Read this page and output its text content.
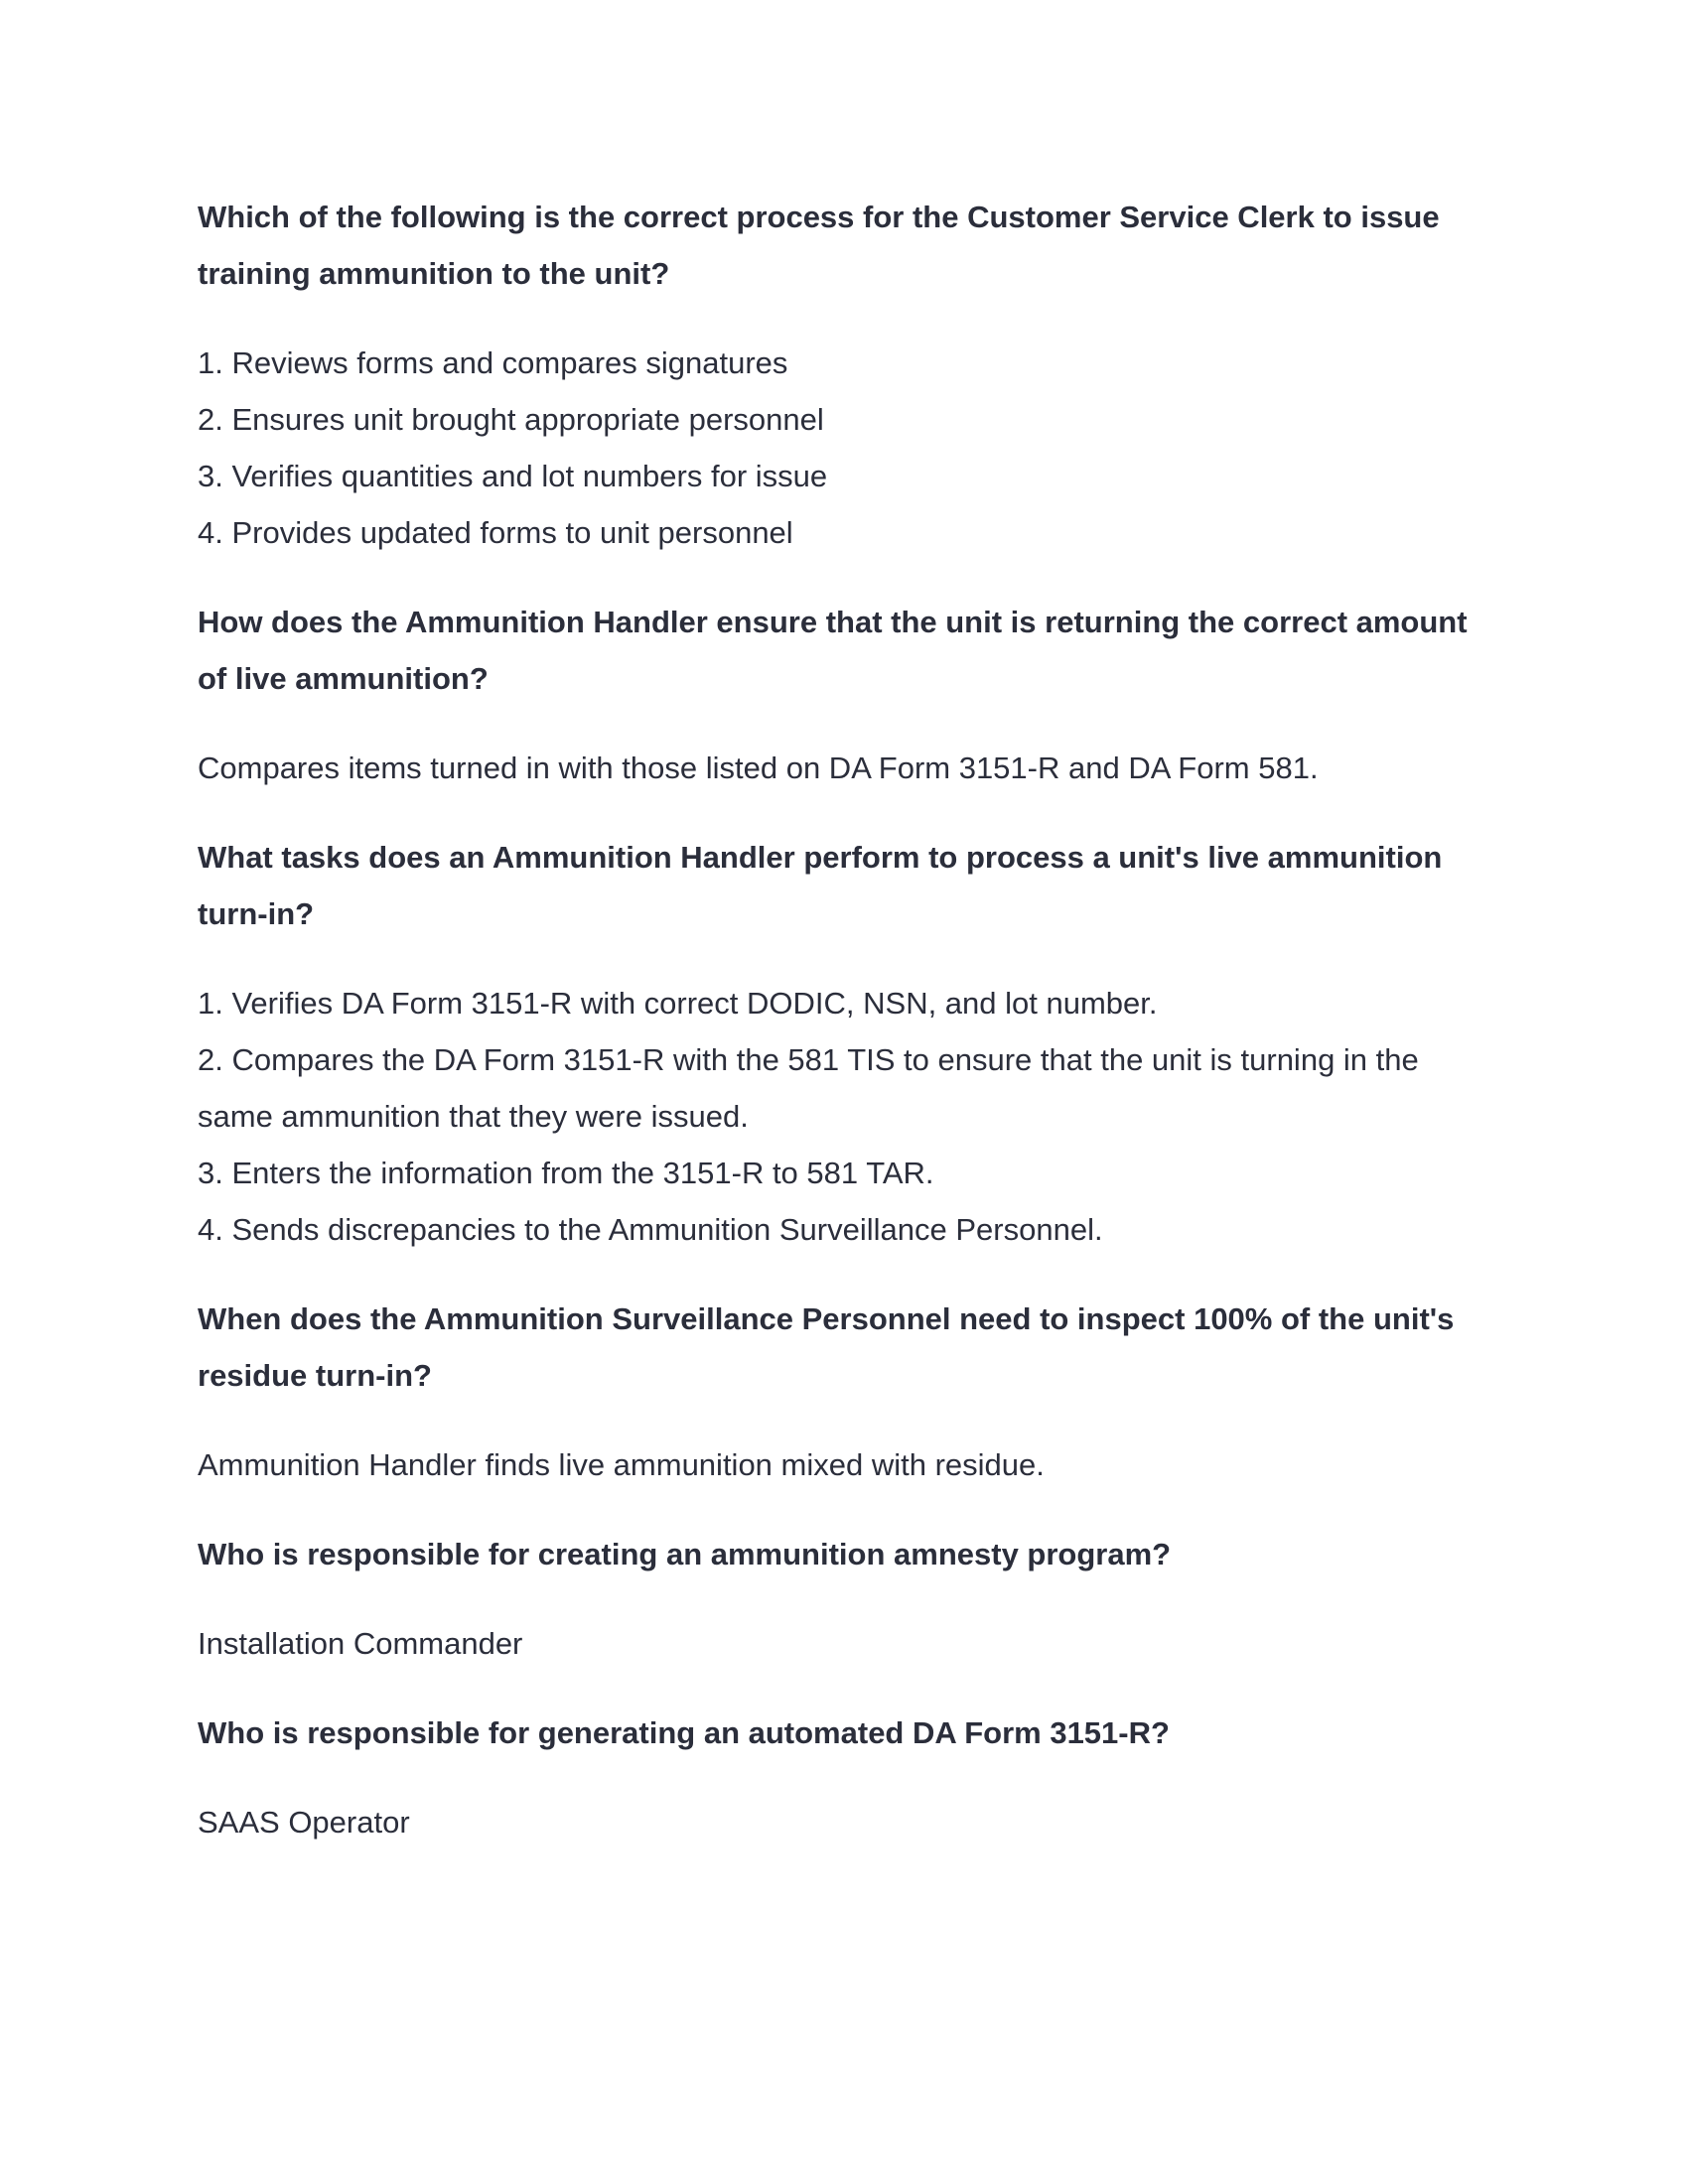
Which of the following is the correct process for the Customer Service Clerk to issue training ammunition to the unit?

1. Reviews forms and compares signatures
2. Ensures unit brought appropriate personnel
3. Verifies quantities and lot numbers for issue
4. Provides updated forms to unit personnel

How does the Ammunition Handler ensure that the unit is returning the correct amount of live ammunition?

Compares items turned in with those listed on DA Form 3151-R and DA Form 581.

What tasks does an Ammunition Handler perform to process a unit's live ammunition turn-in?

1. Verifies DA Form 3151-R with correct DODIC, NSN, and lot number.
2. Compares the DA Form 3151-R with the 581 TIS to ensure that the unit is turning in the same ammunition that they were issued.
3. Enters the information from the 3151-R to 581 TAR.
4. Sends discrepancies to the Ammunition Surveillance Personnel.

When does the Ammunition Surveillance Personnel need to inspect 100% of the unit's residue turn-in?

Ammunition Handler finds live ammunition mixed with residue.

Who is responsible for creating an ammunition amnesty program?

Installation Commander

Who is responsible for generating an automated DA Form 3151-R?

SAAS Operator
